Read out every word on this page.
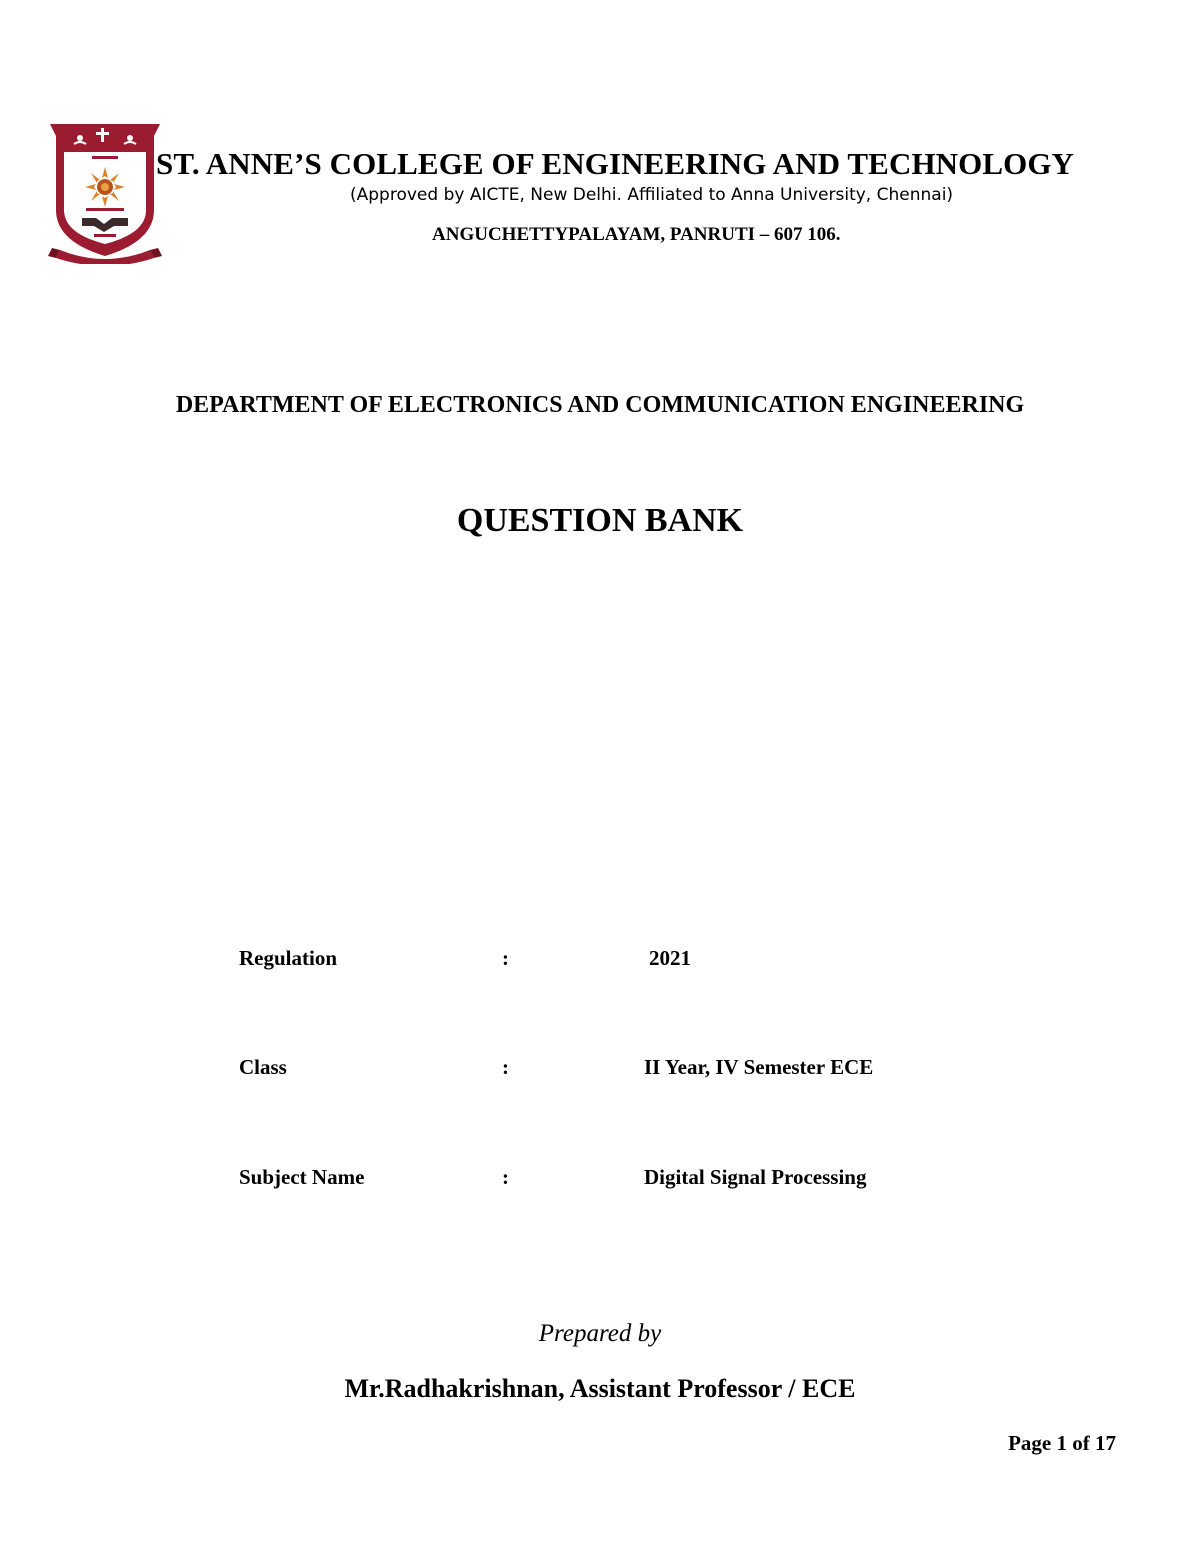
ST. ANNE’S COLLEGE OF ENGINEERING AND TECHNOLOGY
(Approved by AICTE, New Delhi. Affiliated to Anna University, Chennai)
ANGUCHETTYPALAYAM, PANRUTI – 607 106.
DEPARTMENT OF ELECTRONICS AND COMMUNICATION ENGINEERING
QUESTION BANK
Regulation	:	2021
Class	:	II Year, IV Semester ECE
Subject Name	:	Digital Signal Processing
Prepared by
Mr.Radhakrishnan, Assistant Professor / ECE
Page 1 of 17
